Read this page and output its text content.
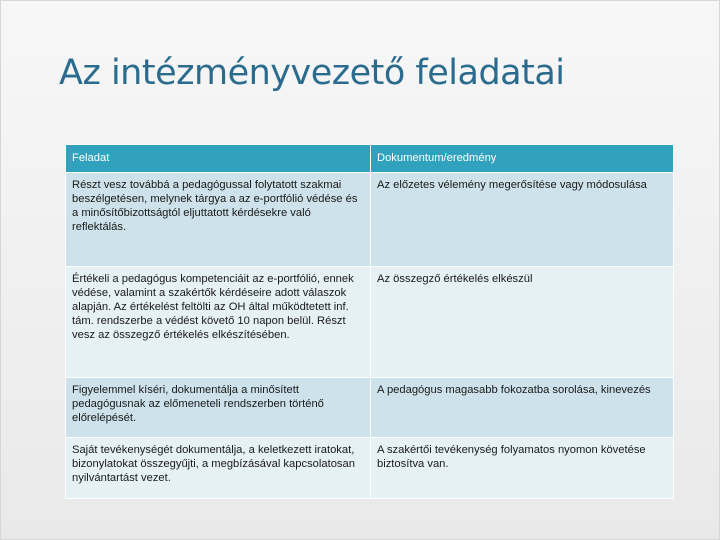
Az intézményvezető feladatai
Feladat	Dokumentum/eredmény
Részt vesz továbbá a pedagógussal folytatott szakmai beszélgetésen, melynek tárgya a az e-portfólió védése és a minősítőbizottságtól eljuttatott kérdésekre való reflektálás.	Az előzetes vélemény megerősítése vagy módosulása
Értékeli a pedagógus kompetenciáit az e-portfólió, ennek védése, valamint a szakértők kérdéseire adott válaszok alapján. Az értékelést feltölti az OH által működtetett inf. tám. rendszerbe a védést követő 10 napon belül. Részt vesz az összegző értékelés elkészítésében.	Az összegző értékelés elkészül
Figyelemmel kíséri, dokumentálja a minősített pedagógusnak az előmeneteli rendszerben történő előrelépését.	A pedagógus magasabb fokozatba sorolása, kinevezés
Saját tevékenységét dokumentálja, a keletkezett iratokat, bizonylatokat összegyűjti, a megbízásával kapcsolatosan nyilvántartást vezet.	A szakértői tevékenység folyamatos nyomon követése biztosítva van.
